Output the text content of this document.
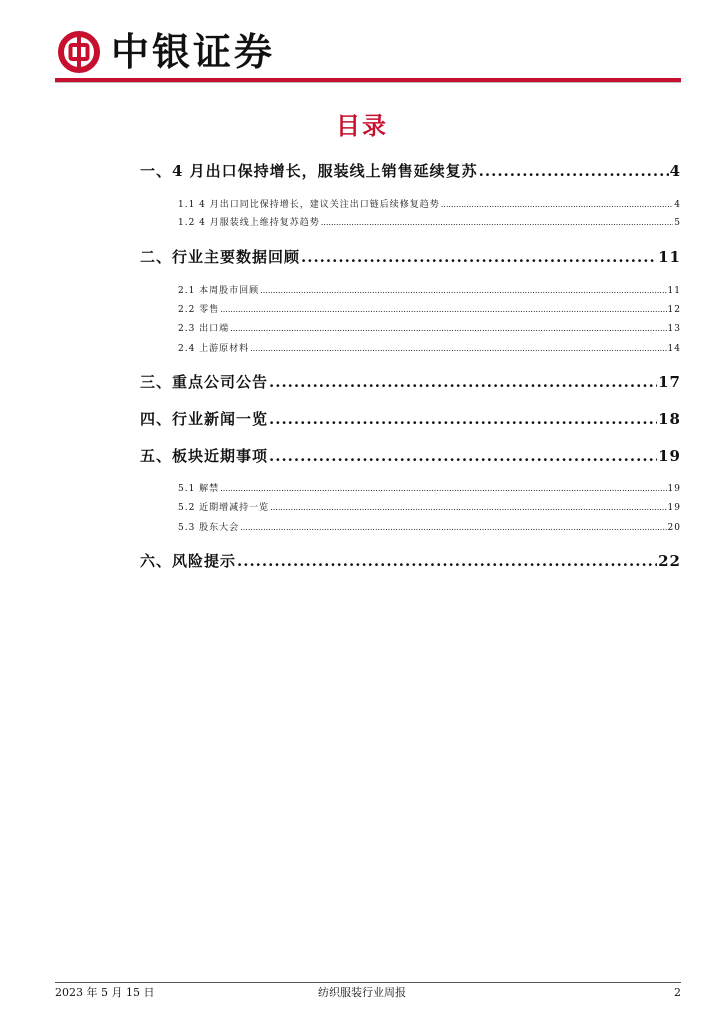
中银证券
目录
一、4 月出口保持增长，服装线上销售延续复苏 .....	4
1.1 4 月出口同比保持增长，建议关注出口链后续修复趋势 .....	4
1.2 4 月服装线上维持复苏趋势 .....	5
二、行业主要数据回顾 .....	11
2.1 本周股市回顾 .....	11
2.2 零售 .....	12
2.3 出口端 .....	13
2.4 上游原材料 .....	14
三、重点公司公告 .....	17
四、行业新闻一览 .....	18
五、板块近期事项 .....	19
5.1 解禁 .....	19
5.2 近期增减持一览 .....	19
5.3 股东大会 .....	20
六、风险提示 .....	22
2023 年 5 月 15 日	纺织服装行业周报	2
